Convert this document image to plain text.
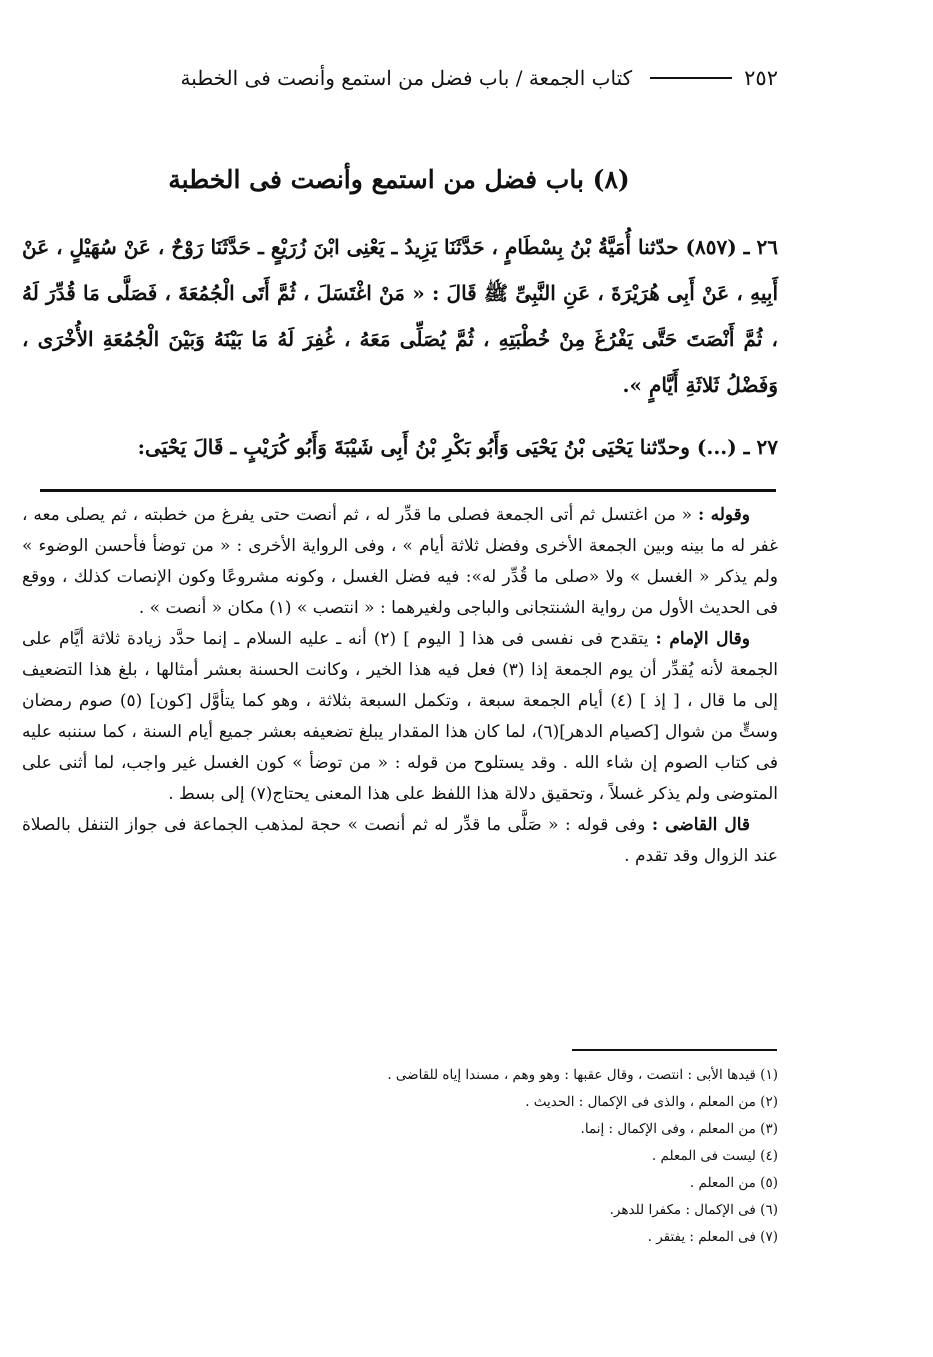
٢٥٢
كتاب الجمعة / باب فضل من استمع وأنصت فى الخطبة
(٨) باب فضل من استمع وأنصت فى الخطبة
٢٦ ـ (٨٥٧) حدّثنا أُمَيَّةُ بْنُ بِسْطَامٍ ، حَدَّثَنَا يَزِيدُ ـ يَعْنِى ابْنَ زُرَيْعٍ ـ حَدَّثَنَا رَوْحٌ ، عَنْ سُهَيْلٍ ، عَنْ أَبِيهِ ، عَنْ أَبِى هُرَيْرَةَ ، عَنِ النَّبِىِّ ﷺ قَالَ : « مَنْ اغْتَسَلَ ، ثُمَّ أَتَى الْجُمُعَةَ ، فَصَلَّى مَا قُدِّرَ لَهُ ، ثُمَّ أَنْصَتَ حَتَّى يَفْرُغَ مِنْ خُطْبَتِهِ ، ثُمَّ يُصَلِّى مَعَهُ ، غُفِرَ لَهُ مَا بَيْنَهُ وَبَيْنَ الْجُمُعَةِ الأُخْرَى ، وَفَضْلُ ثَلاثَةِ أَيَّامٍ ».
٢٧ ـ (...) وحدّثنا يَحْيَى بْنُ يَحْيَى وَأَبُو بَكْرِ بْنُ أَبِى شَيْبَةَ وَأَبُو كُرَيْبٍ ـ قَالَ يَحْيَى:

وقوله : « من اغتسل ثم أتى الجمعة فصلى ما قدِّر له ، ثم أنصت حتى يفرغ من خطبته ، ثم يصلى معه ، غفر له ما بينه وبين الجمعة الأخرى وفضل ثلاثة أيام » ، وفى الرواية الأخرى : « من توضأ فأحسن الوضوء » ولم يذكر « الغسل » ولا «صلى ما قُدِّر له»: فيه فضل الغسل ، وكونه مشروعًا وكون الإنصات كذلك ، ووقع فى الحديث الأول من رواية الشنتجانى والباجى ولغيرهما : « انتصب » (١) مكان « أنصت » .

وقال الإمام : يتقدح فى نفسى فى هذا [ اليوم ] (٢) أنه ـ عليه السلام ـ إنما حدَّد زيادة ثلاثة أيَّام على الجمعة لأنه يُقدِّر أن يوم الجمعة إذا (٣) فعل فيه هذا الخير ، وكانت الحسنة بعشر أمثالها ، بلغ هذا التضعيف إلى ما قال ، [ إذ ] (٤) أيام الجمعة سبعة ، وتكمل السبعة بثلاثة ، وهو كما يتأوَّل [كون] (٥) صوم رمضان وستٍّ من شوال [كصيام الدهر](٦)، لما كان هذا المقدار يبلغ تضعيفه بعشر جميع أيام السنة ، كما سننبه عليه فى كتاب الصوم إن شاء الله . وقد يستلوح من قوله : « من توضأ » كون الغسل غير واجب، لما أثنى على المتوضى ولم يذكر غسلاً ، وتحقيق دلالة هذا اللفظ على هذا المعنى يحتاج(٧) إلى بسط .

قال القاضى : وفى قوله : « صَلَّى ما قدِّر له ثم أنصت » حجة لمذهب الجماعة فى جواز التنفل بالصلاة عند الزوال وقد تقدم .

(١) قيدها الأبى : انتصت ، وقال عقبها : وهو وهم ، مسندا إياه للقاضى .
(٢) من المعلم ، والذى فى الإكمال : الحديث .
(٣) من المعلم ، وفى الإكمال : إنما.
(٤) ليست فى المعلم .
(٥) من المعلم .
(٦) فى الإكمال : مكفرا للدهر.
(٧) فى المعلم : يفتقر .
